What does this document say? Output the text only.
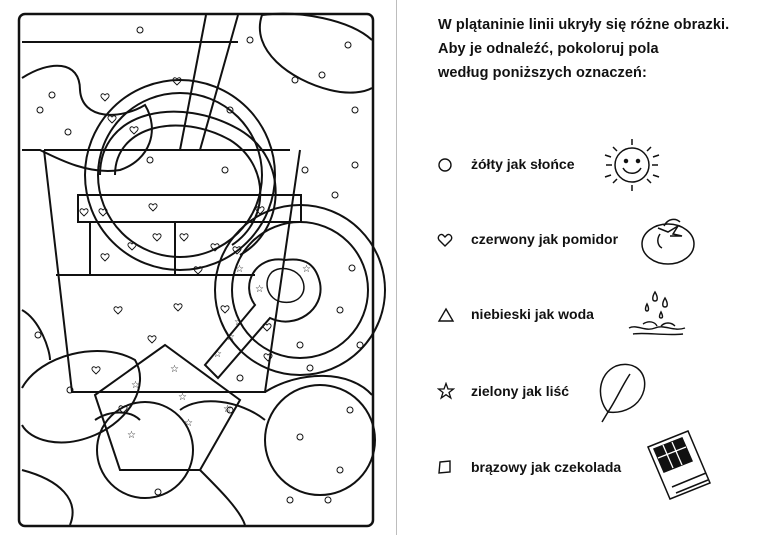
☆	☆
☆
☆
☆
☆
☆
☆
☆
☆
☆
☆
W plątaninie linii ukryły się różne obrazki.
Aby je odnaleźć, pokoloruj pola
według poniższych oznaczeń:
żółty jak słońce
czerwony jak pomidor
niebieski jak woda
zielony jak liść
brązowy jak czekolada
